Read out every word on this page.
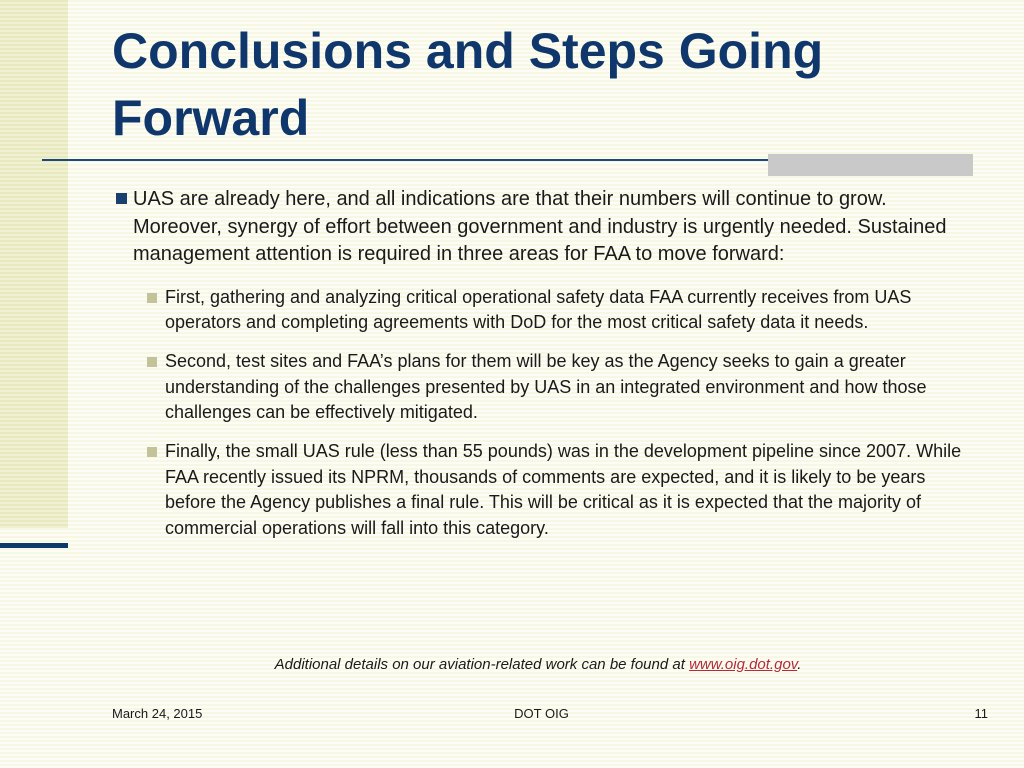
Conclusions and Steps Going Forward
UAS are already here, and all indications are that their numbers will continue to grow. Moreover, synergy of effort between government and industry is urgently needed. Sustained management attention is required in three areas for FAA to move forward:
First, gathering and analyzing critical operational safety data FAA currently receives from UAS operators and completing agreements with DoD for the most critical safety data it needs.
Second, test sites and FAA’s plans for them will be key as the Agency seeks to gain a greater understanding of the challenges presented by UAS in an integrated environment and how those challenges can be effectively mitigated.
Finally, the small UAS rule (less than 55 pounds) was in the development pipeline since 2007. While FAA recently issued its NPRM, thousands of comments are expected, and it is likely to be years before the Agency publishes a final rule. This will be critical as it is expected that the majority of commercial operations will fall into this category.
Additional details on our aviation-related work can be found at www.oig.dot.gov.
March 24, 2015	DOT OIG	11
